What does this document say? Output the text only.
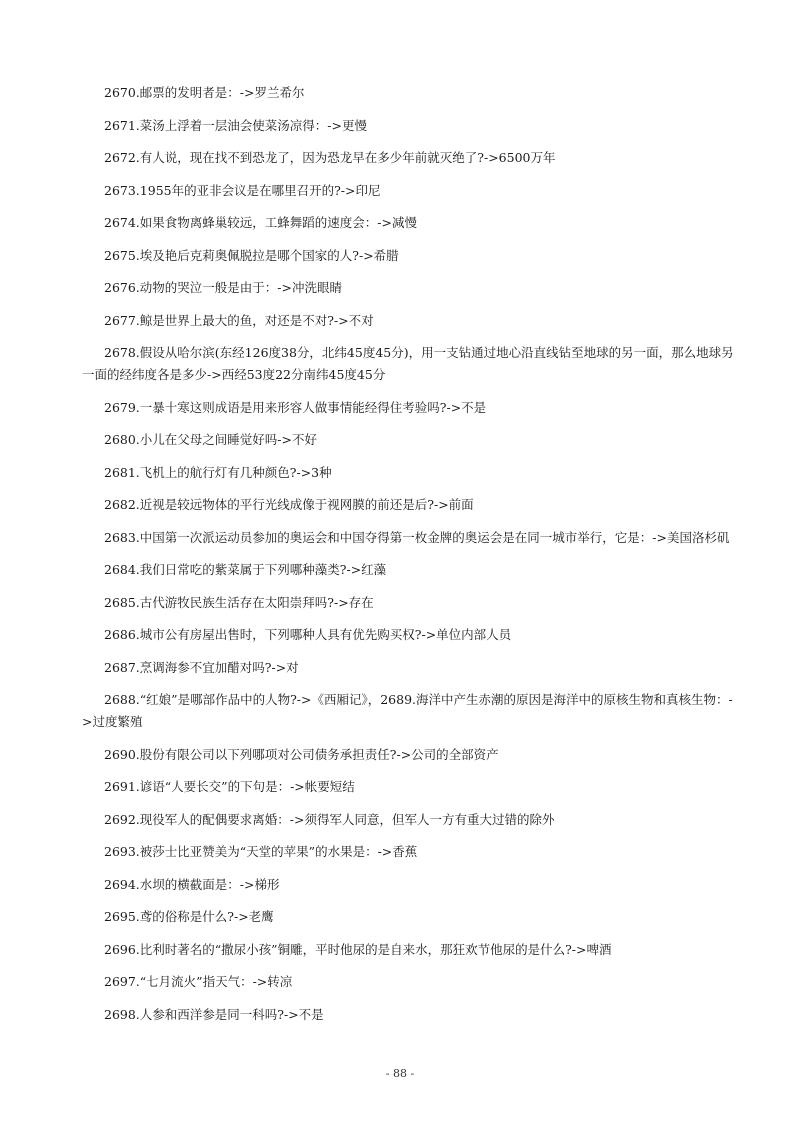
2670.邮票的发明者是：->罗兰希尔

2671.菜汤上浮着一层油会使菜汤凉得：->更慢

2672.有人说，现在找不到恐龙了，因为恐龙早在多少年前就灭绝了?->6500万年

2673.1955年的亚非会议是在哪里召开的?->印尼

2674.如果食物离蜂巢较远，工蜂舞蹈的速度会：->减慢

2675.埃及艳后克莉奥佩脱拉是哪个国家的人?->希腊

2676.动物的哭泣一般是由于：->冲洗眼睛

2677.鲸是世界上最大的鱼，对还是不对?->不对

2678.假设从哈尔滨(东经126度38分，北纬45度45分)，用一支钻通过地心沿直线钻至地球的另一面，那么地球另一面的经纬度各是多少->西经53度22分南纬45度45分

2679.一暴十寒这则成语是用来形容人做事情能经得住考验吗?->不是

2680.小儿在父母之间睡觉好吗->不好

2681.飞机上的航行灯有几种颜色?->3种

2682.近视是较远物体的平行光线成像于视网膜的前还是后?->前面

2683.中国第一次派运动员参加的奥运会和中国夺得第一枚金牌的奥运会是在同一城市举行，它是：->美国洛杉矶

2684.我们日常吃的紫菜属于下列哪种藻类?->红藻

2685.古代游牧民族生活存在太阳崇拜吗?->存在

2686.城市公有房屋出售时，下列哪种人具有优先购买权?->单位内部人员

2687.烹调海参不宜加醋对吗?->对

2688.“红娘”是哪部作品中的人物?->《西厢记》，2689.海洋中产生赤潮的原因是海洋中的原核生物和真核生物：->过度繁殖

2690.股份有限公司以下列哪项对公司债务承担责任?->公司的全部资产

2691.谚语“人要长交”的下句是：->帐要短结

2692.现役军人的配偶要求离婚：->须得军人同意，但军人一方有重大过错的除外

2693.被莎士比亚赞美为“天堂的苹果”的水果是：->香蕉

2694.水坝的横截面是：->梯形

2695.鸢的俗称是什么?->老鹰

2696.比利时著名的“撒尿小孩”铜雕，平时他尿的是自来水，那狂欢节他尿的是什么?->啤酒

2697.“七月流火”指天气：->转凉

2698.人参和西洋参是同一科吗?->不是

- 88 -
